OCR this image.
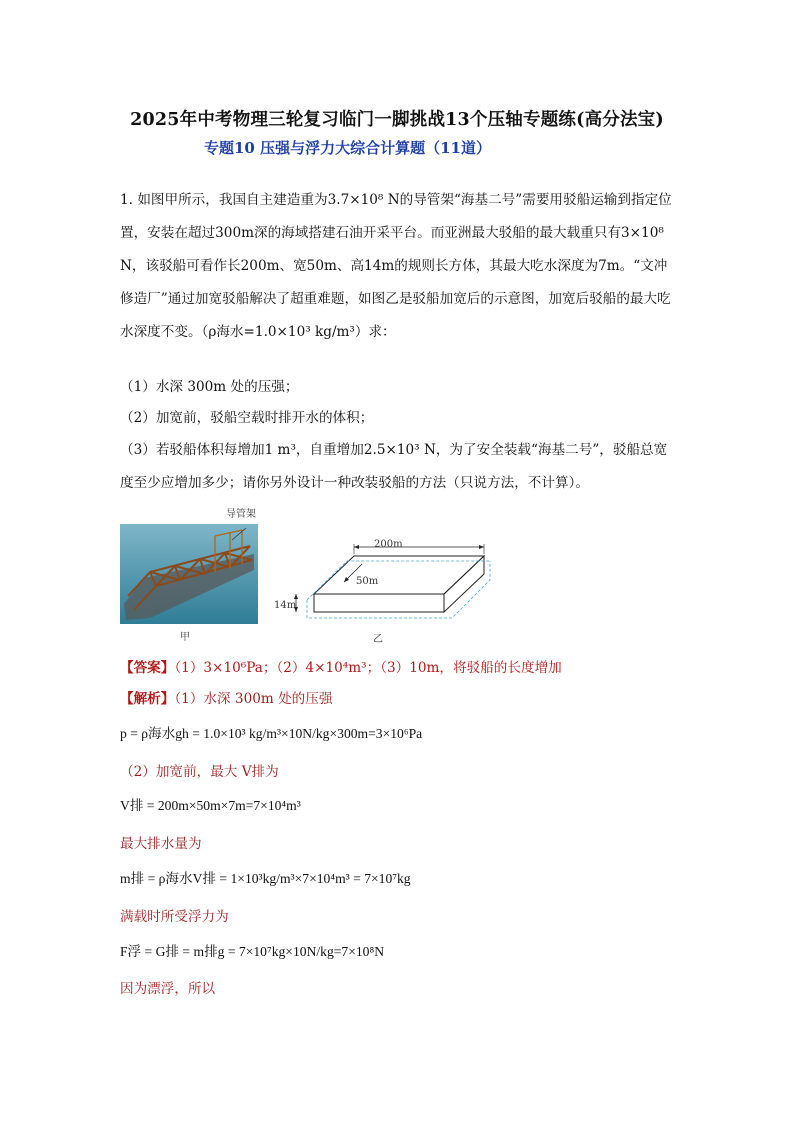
2025年中考物理三轮复习临门一脚挑战13个压轴专题练(高分法宝)
专题10 压强与浮力大综合计算题（11道）
1. 如图甲所示，我国自主建造重为3.7×10⁸ N的导管架“海基二号”需要用驳船运输到指定位置，安装在超过300m深的海域搭建石油开采平台。而亚洲最大驳船的最大载重只有3×10⁸ N，该驳船可看作长200m、宽50m、高14m的规则长方体，其最大吃水深度为7m。“文冲修造厂”通过加宽驳船解决了超重难题，如图乙是驳船加宽后的示意图，加宽后驳船的最大吃水深度不变。（ρ海水=1.0×10³ kg/m³）求：
（1）水深 300m 处的压强；
（2）加宽前，驳船空载时排开水的体积；
（3）若驳船体积每增加1 m³，自重增加2.5×10³ N，为了安全装载“海基二号”，驳船总宽度至少应增加多少；请你另外设计一种改装驳船的方法（只说方法，不计算）。
导管架
甲
200m
50m
14m
乙
【答案】（1）3×10⁶Pa；（2）4×10⁴m³；（3）10m，将驳船的长度增加
【解析】（1）水深 300m 处的压强
p = ρ海水gh = 1.0×10³ kg/m³×10N/kg×300m=3×10⁶Pa
（2）加宽前，最大 V排为
V排 = 200m×50m×7m=7×10⁴m³
最大排水量为
m排 = ρ海水V排 = 1×10³kg/m³×7×10⁴m³ = 7×10⁷kg
满载时所受浮力为
F浮 = G排 = m排g = 7×10⁷kg×10N/kg=7×10⁸N
因为漂浮，所以
